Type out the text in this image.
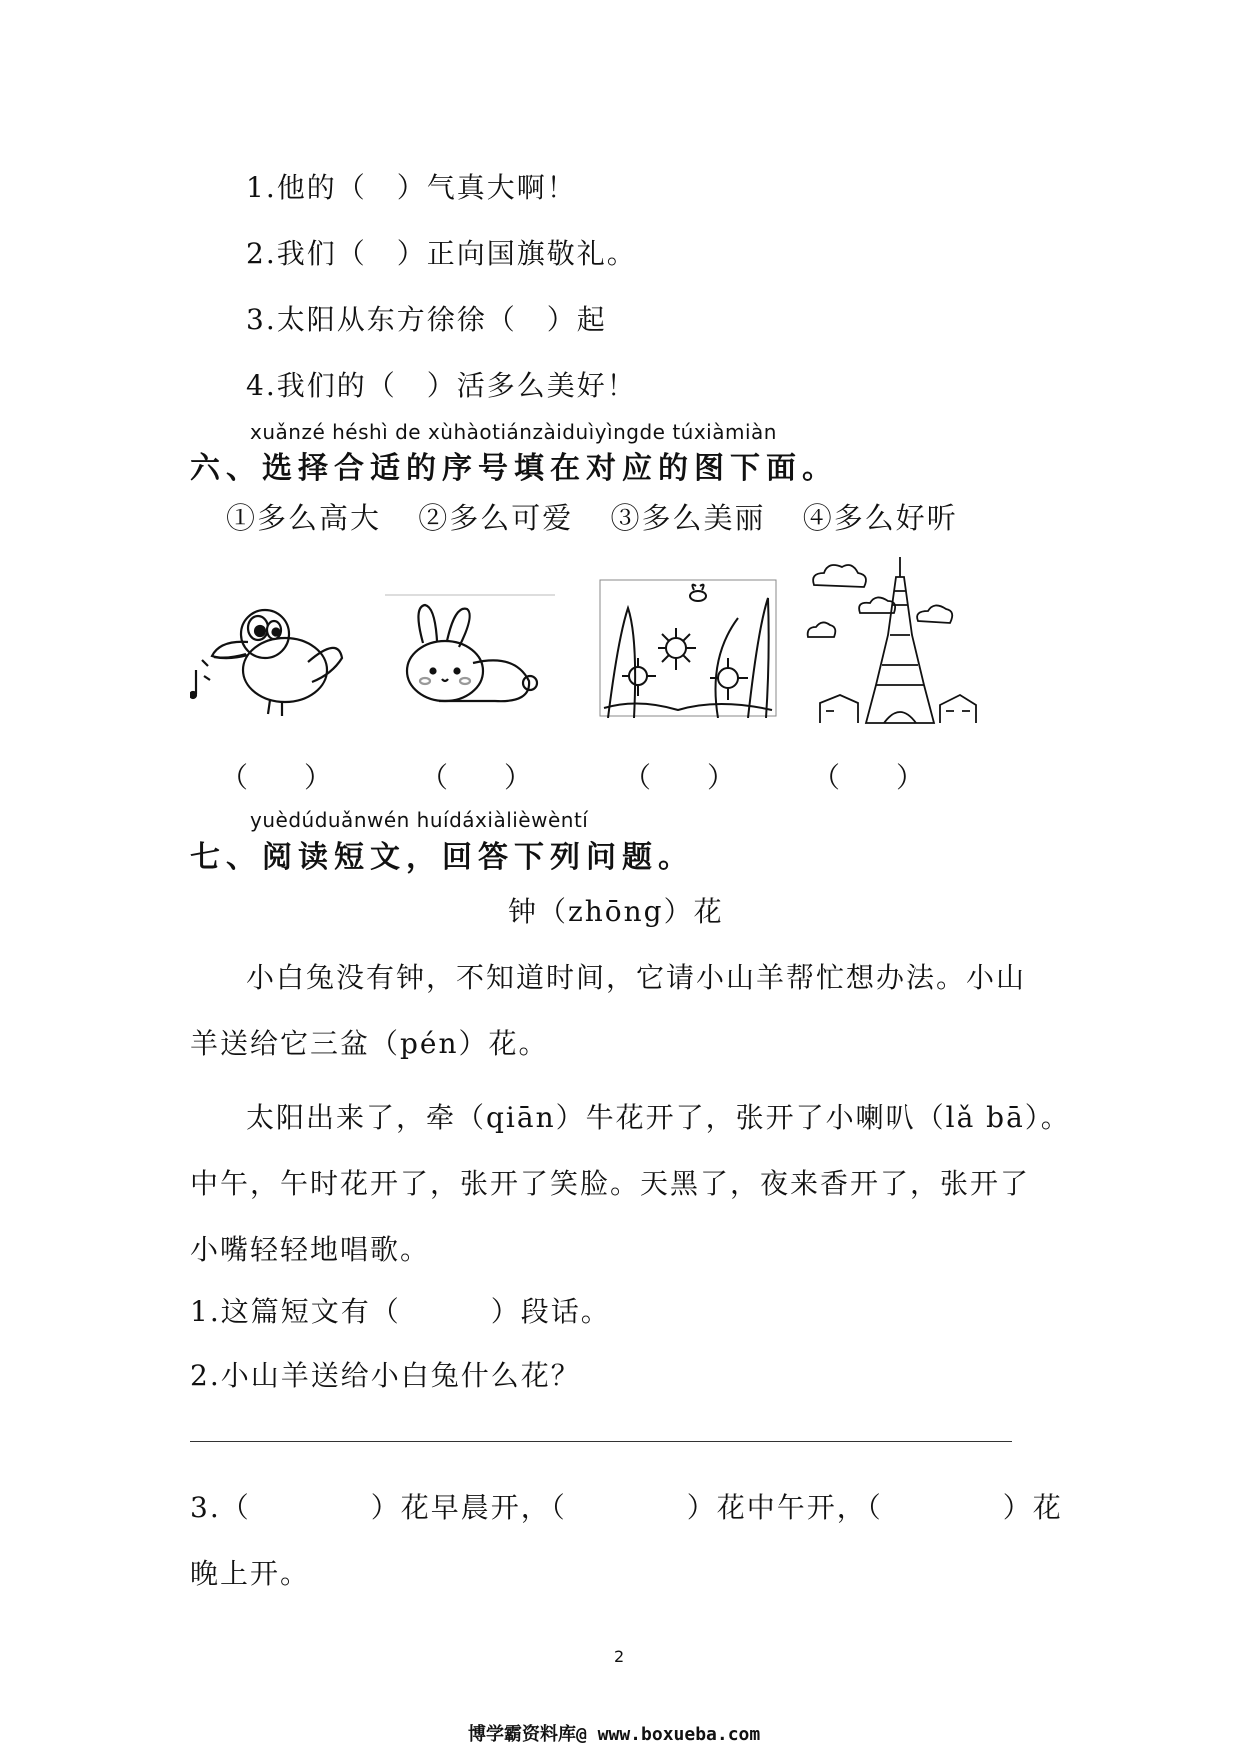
1.他的（　）气真大啊！
2.我们（　）正向国旗敬礼。
3.太阳从东方徐徐（　）起
4.我们的（　）活多么美好！
xuǎnzé héshì de xùhàotiánzàiduìyìngde túxiàmiàn
六、选择合适的序号填在对应的图下面。
①多么高大 ②多么可爱 ③多么美丽 ④多么好听
（　　）	（　　）	（　　）	（　　）
yuèdúduǎnwén huídáxiàlièwèntí
七、阅读短文，回答下列问题。
钟（zhōng）花
小白兔没有钟，不知道时间，它请小山羊帮忙想办法。小山
羊送给它三盆（pén）花。
太阳出来了，牵（qiān）牛花开了，张开了小喇叭（lǎ bā）。
中午，午时花开了，张开了笑脸。天黑了，夜来香开了，张开了
小嘴轻轻地唱歌。
1.这篇短文有（　　　）段话。
2.小山羊送给小白兔什么花？
3.（　　　　）花早晨开，（　　　　）花中午开，（　　　　）花
晚上开。
2
博学霸资料库@ www.boxueba.com
